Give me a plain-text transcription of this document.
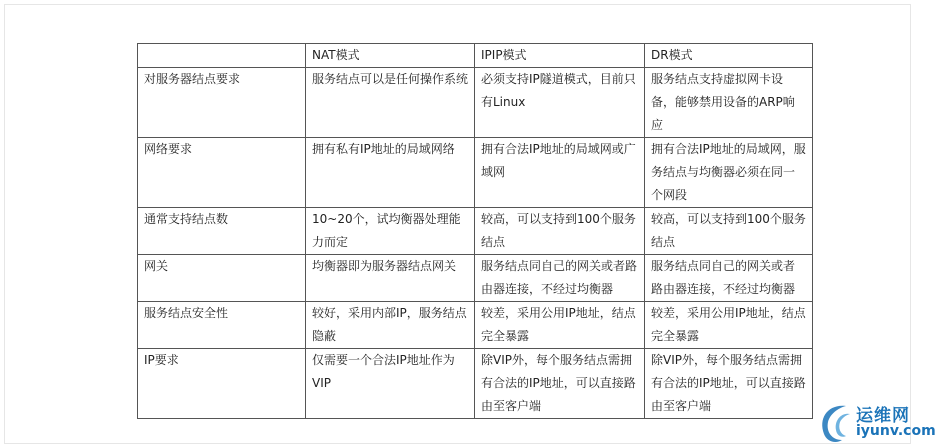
	NAT模式	IPIP模式	DR模式
对服务器结点要求	服务结点可以是任何操作系统	必须支持IP隧道模式，目前只有Linux	服务结点支持虚拟网卡设备，能够禁用设备的ARP响应
网络要求	拥有私有IP地址的局域网络	拥有合法IP地址的局域网或广域网	拥有合法IP地址的局域网，服务结点与均衡器必须在同一个网段
通常支持结点数	10~20个，试均衡器处理能力而定	较高，可以支持到100个服务结点	较高，可以支持到100个服务结点
网关	均衡器即为服务器结点网关	服务结点同自己的网关或者路由器连接，不经过均衡器	服务结点同自己的网关或者路由器连接，不经过均衡器
服务结点安全性	较好，采用内部IP，服务结点隐蔽	较差，采用公用IP地址，结点完全暴露	较差，采用公用IP地址，结点完全暴露
IP要求	仅需要一个合法IP地址作为VIP	除VIP外，每个服务结点需拥有合法的IP地址，可以直接路由至客户端	除VIP外，每个服务结点需拥有合法的IP地址，可以直接路由至客户端	运维网
iyunv.com
